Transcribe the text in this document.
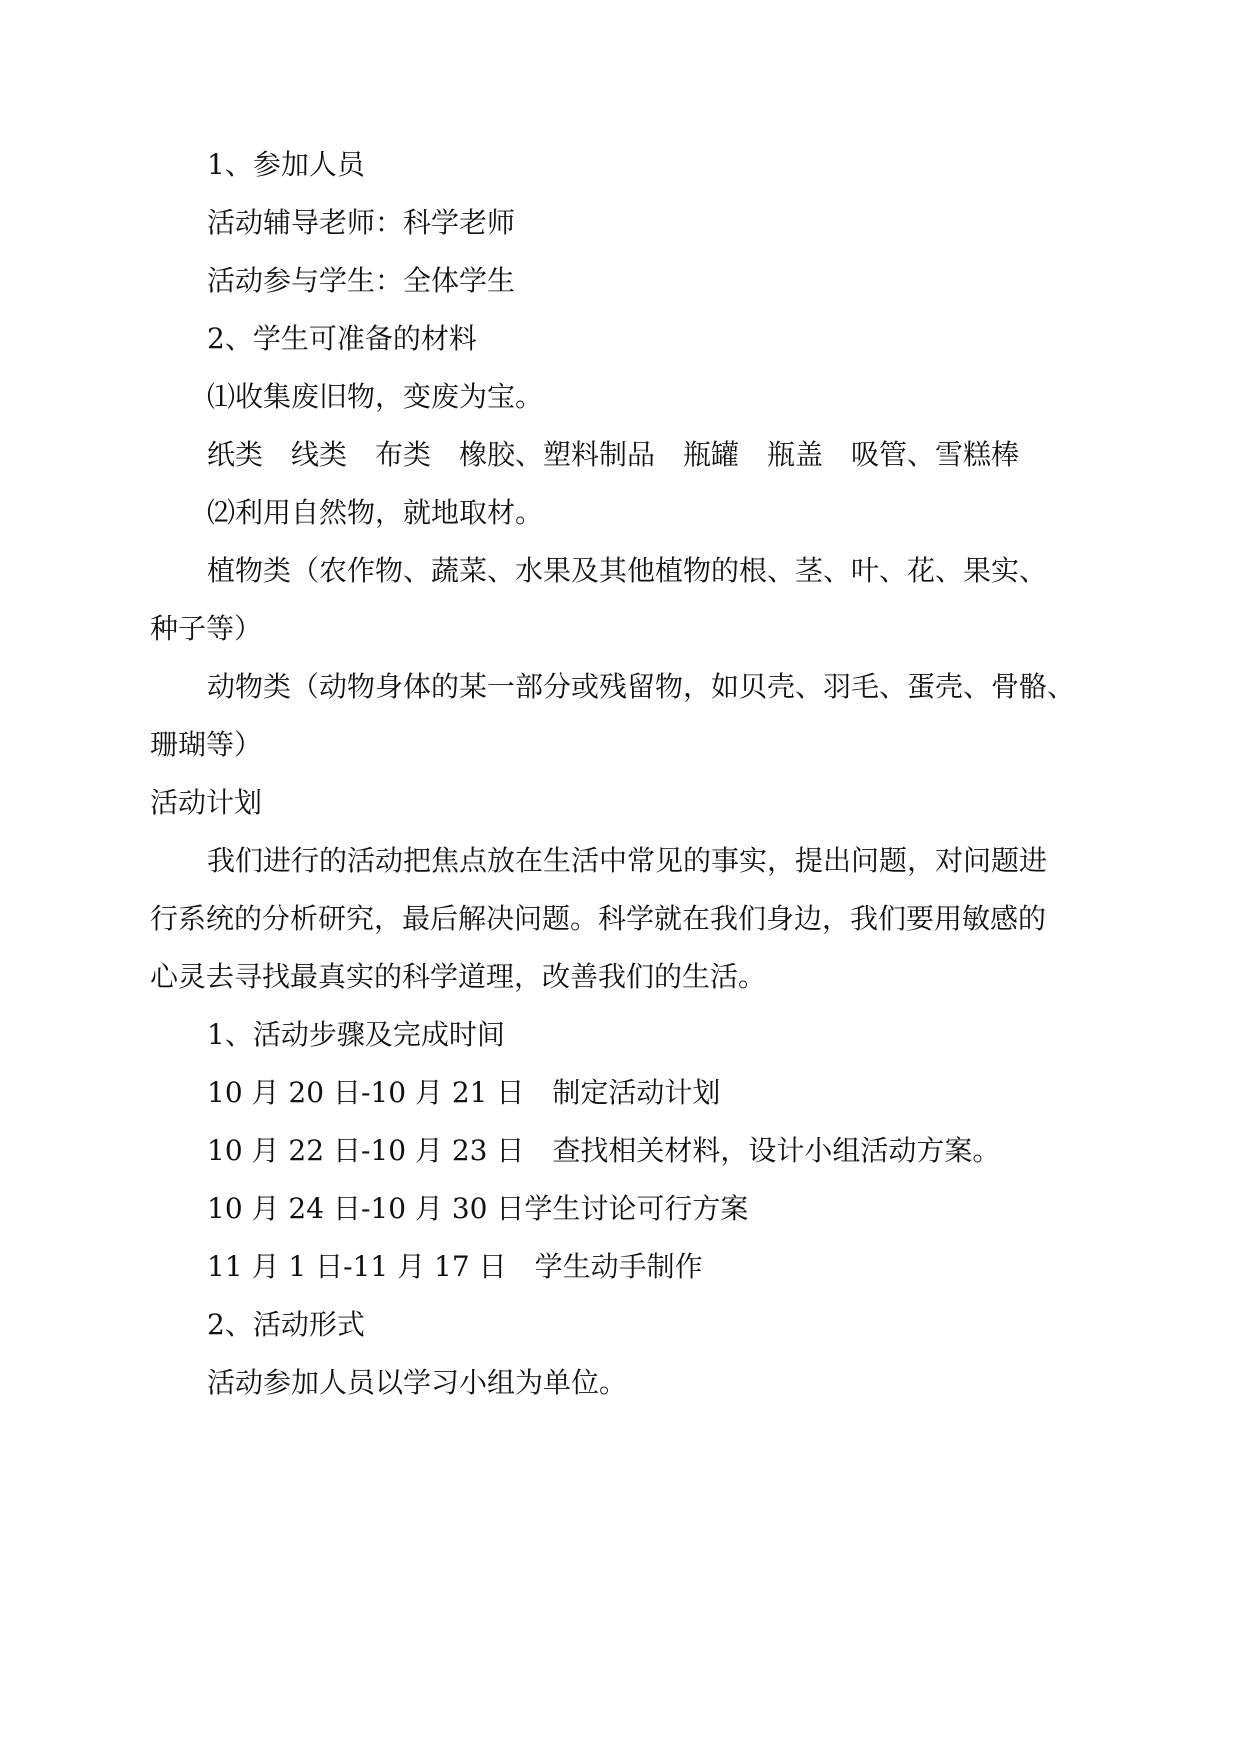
1、参加人员
活动辅导老师：科学老师
活动参与学生：全体学生
2、学生可准备的材料
⑴收集废旧物，变废为宝。
纸类　线类　布类　橡胶、塑料制品　瓶罐　瓶盖　吸管、雪糕棒
⑵利用自然物，就地取材。
植物类（农作物、蔬菜、水果及其他植物的根、茎、叶、花、果实、
种子等）
动物类（动物身体的某一部分或残留物，如贝壳、羽毛、蛋壳、骨骼、
珊瑚等）
活动计划
我们进行的活动把焦点放在生活中常见的事实，提出问题，对问题进
行系统的分析研究，最后解决问题。科学就在我们身边，我们要用敏感的
心灵去寻找最真实的科学道理，改善我们的生活。
1、活动步骤及完成时间
10 月 20 日-10 月 21 日　制定活动计划
10 月 22 日-10 月 23 日　查找相关材料，设计小组活动方案。
10 月 24 日-10 月 30 日学生讨论可行方案
11 月 1 日-11 月 17 日　学生动手制作
2、活动形式
活动参加人员以学习小组为单位。
